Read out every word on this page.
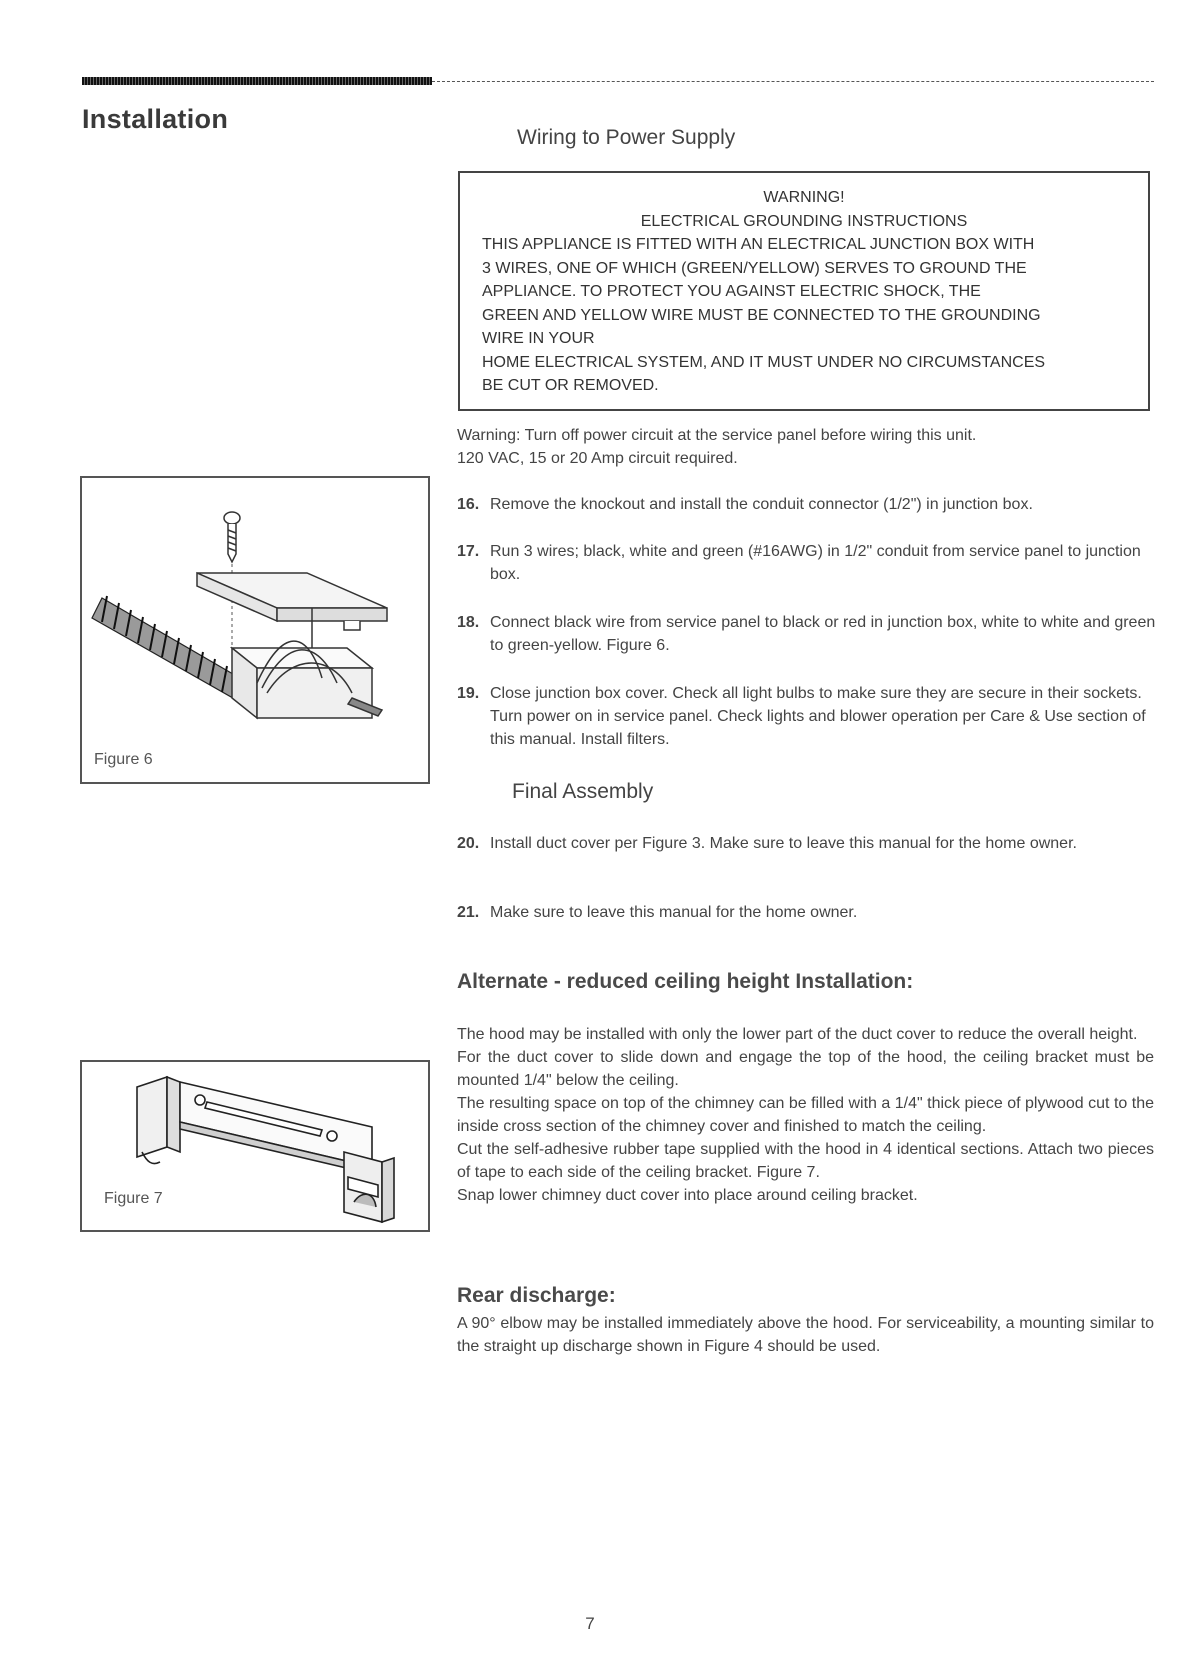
Installation
Wiring to Power Supply
WARNING!
ELECTRICAL GROUNDING INSTRUCTIONS
THIS APPLIANCE IS FITTED WITH AN ELECTRICAL JUNCTION BOX WITH
3 WIRES, ONE OF WHICH (GREEN/YELLOW) SERVES TO GROUND THE
APPLIANCE. TO PROTECT YOU AGAINST ELECTRIC SHOCK, THE
GREEN AND YELLOW WIRE MUST BE CONNECTED TO THE GROUNDING
WIRE IN YOUR
HOME ELECTRICAL SYSTEM, AND IT MUST UNDER NO CIRCUMSTANCES
BE CUT OR REMOVED.
Warning: Turn off power circuit at the service panel before wiring this unit.
120 VAC, 15 or 20 Amp circuit required.
16. Remove the knockout and install the conduit connector (1/2") in junction box.
17. Run 3 wires; black, white and green (#16AWG) in 1/2" conduit from service panel to junction box.
18. Connect black wire from service panel to black or red in junction box, white to white and green to green-yellow. Figure 6.
19. Close junction box cover. Check all light bulbs to make sure they are secure in their sockets. Turn power on in service panel. Check lights and blower operation per Care & Use section of this manual. Install filters.
Final Assembly
20. Install duct cover per Figure 3. Make sure to leave this manual for the home owner.
21. Make sure to leave this manual for the home owner.
Alternate - reduced ceiling height Installation:
The hood may be installed with only the lower part of the duct cover to reduce the overall height.
For the duct cover to slide down and engage the top of the hood, the ceiling bracket must be mounted 1/4" below the ceiling.
The resulting space on top of the chimney can be filled with a 1/4" thick piece of plywood cut to the inside cross section of the chimney cover and finished to match the ceiling.
Cut the self-adhesive rubber tape supplied with the hood in 4 identical sections. Attach two pieces of tape to each side of the ceiling bracket. Figure 7.
Snap lower chimney duct cover into place around ceiling bracket.
Rear discharge:
A 90° elbow may be installed immediately above the hood. For serviceability, a mounting similar to the straight up discharge shown in Figure 4 should be used.
Figure 6
Figure 7
7
